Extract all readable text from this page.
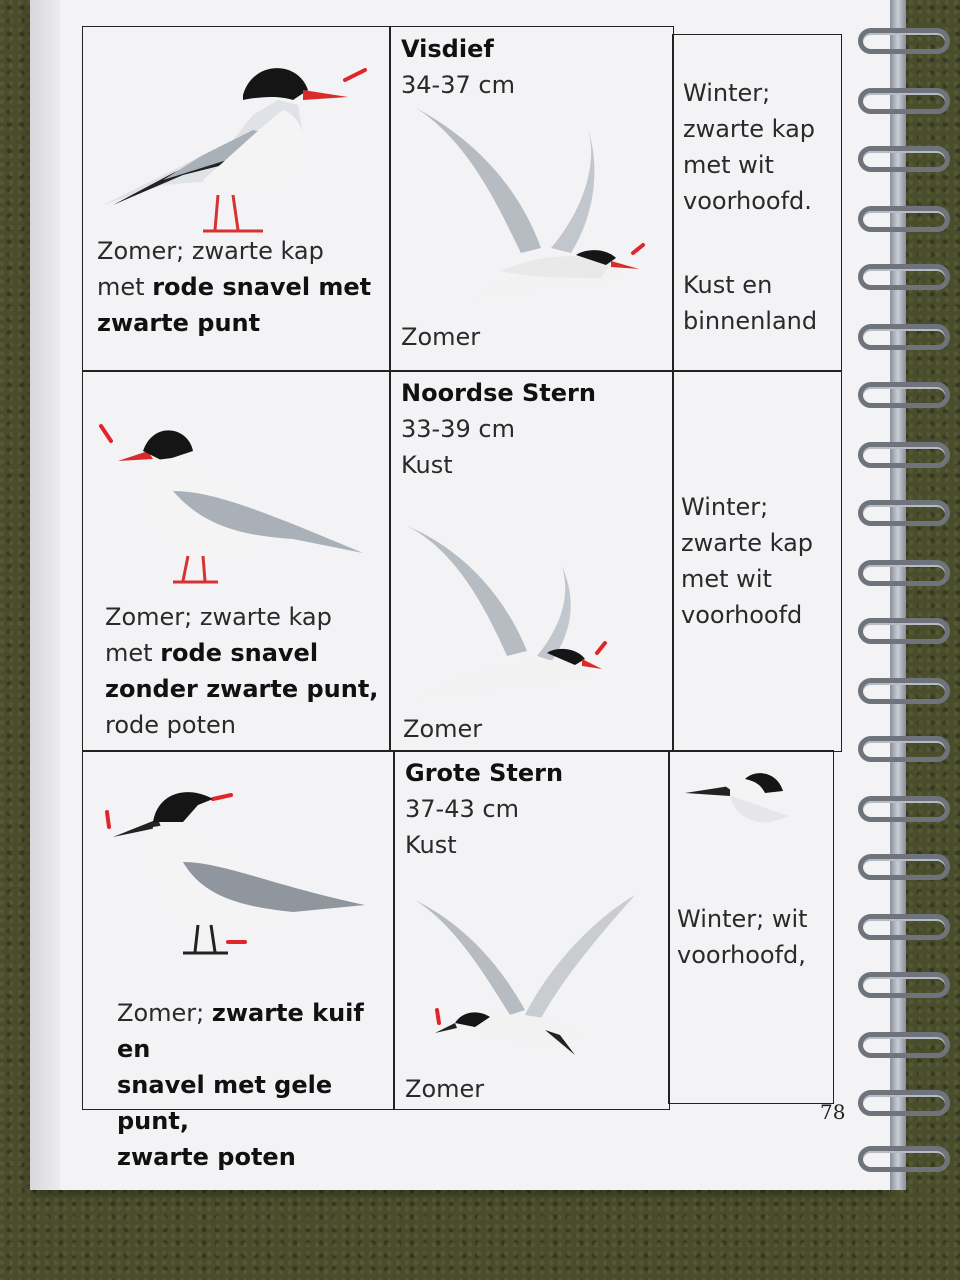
Zomer; zwarte kap
met rode snavel met
zwarte punt
Visdief
34-37 cm
Zomer
Winter;
zwarte kap
met wit
voorhoofd.
Kust en
binnenland
Zomer; zwarte kap
met rode snavel
zonder zwarte punt,
rode poten
Noordse Stern
33-39 cm
Kust
Zomer
Winter;
zwarte kap
met wit
voorhoofd
Zomer; zwarte kuif en
snavel met gele punt,
zwarte poten
Grote Stern
37-43 cm
Kust
Zomer
Winter; wit
voorhoofd,
78
